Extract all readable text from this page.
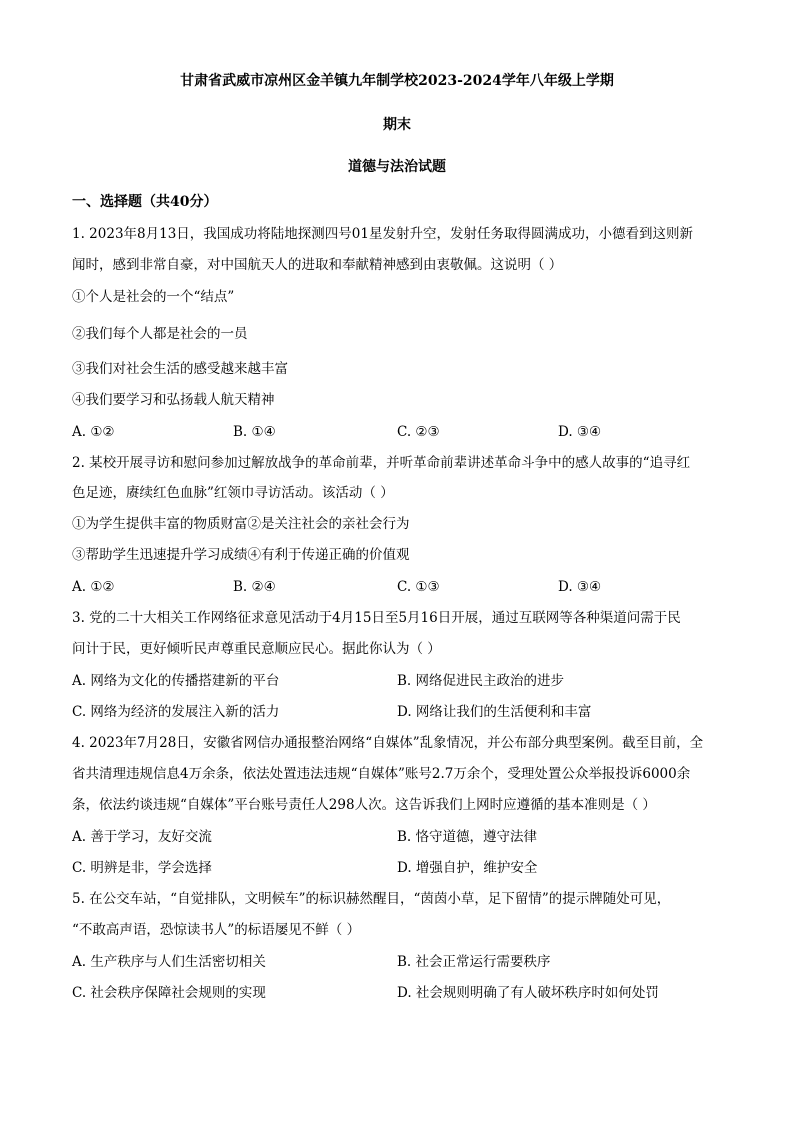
甘肃省武威市凉州区金羊镇九年制学校2023-2024学年八年级上学期
期末
道德与法治试题
一、选择题（共40分）
1. 2023年8月13日，我国成功将陆地探测四号01星发射升空，发射任务取得圆满成功，小德看到这则新
闻时，感到非常自豪，对中国航天人的进取和奉献精神感到由衷敬佩。这说明（ ）
①个人是社会的一个“结点”
②我们每个人都是社会的一员
③我们对社会生活的感受越来越丰富
④我们要学习和弘扬载人航天精神
A. ①②	B. ①④	C. ②③	D. ③④
2. 某校开展寻访和慰问参加过解放战争的革命前辈，并听革命前辈讲述革命斗争中的感人故事的“追寻红
色足迹，赓续红色血脉”红领巾寻访活动。该活动（ ）
①为学生提供丰富的物质财富②是关注社会的亲社会行为
③帮助学生迅速提升学习成绩④有利于传递正确的价值观
A. ①②	B. ②④	C. ①③	D. ③④
3. 党的二十大相关工作网络征求意见活动于4月15日至5月16日开展，通过互联网等各种渠道问需于民
问计于民，更好倾听民声尊重民意顺应民心。据此你认为（ ）
A. 网络为文化的传播搭建新的平台	B. 网络促进民主政治的进步
C. 网络为经济的发展注入新的活力	D. 网络让我们的生活便利和丰富
4. 2023年7月28日，安徽省网信办通报整治网络“自媒体”乱象情况，并公布部分典型案例。截至目前，全
省共清理违规信息4万余条，依法处置违法违规“自媒体”账号2.7万余个，受理处置公众举报投诉6000余
条，依法约谈违规“自媒体”平台账号责任人298人次。这告诉我们上网时应遵循的基本准则是（ ）
A. 善于学习，友好交流	B. 恪守道德，遵守法律
C. 明辨是非，学会选择	D. 增强自护，维护安全
5. 在公交车站，“自觉排队，文明候车”的标识赫然醒目，“茵茵小草，足下留情”的提示牌随处可见，
“不敢高声语，恐惊读书人”的标语屡见不鲜（ ）
A. 生产秩序与人们生活密切相关	B. 社会正常运行需要秩序
C. 社会秩序保障社会规则的实现	D. 社会规则明确了有人破坏秩序时如何处罚
